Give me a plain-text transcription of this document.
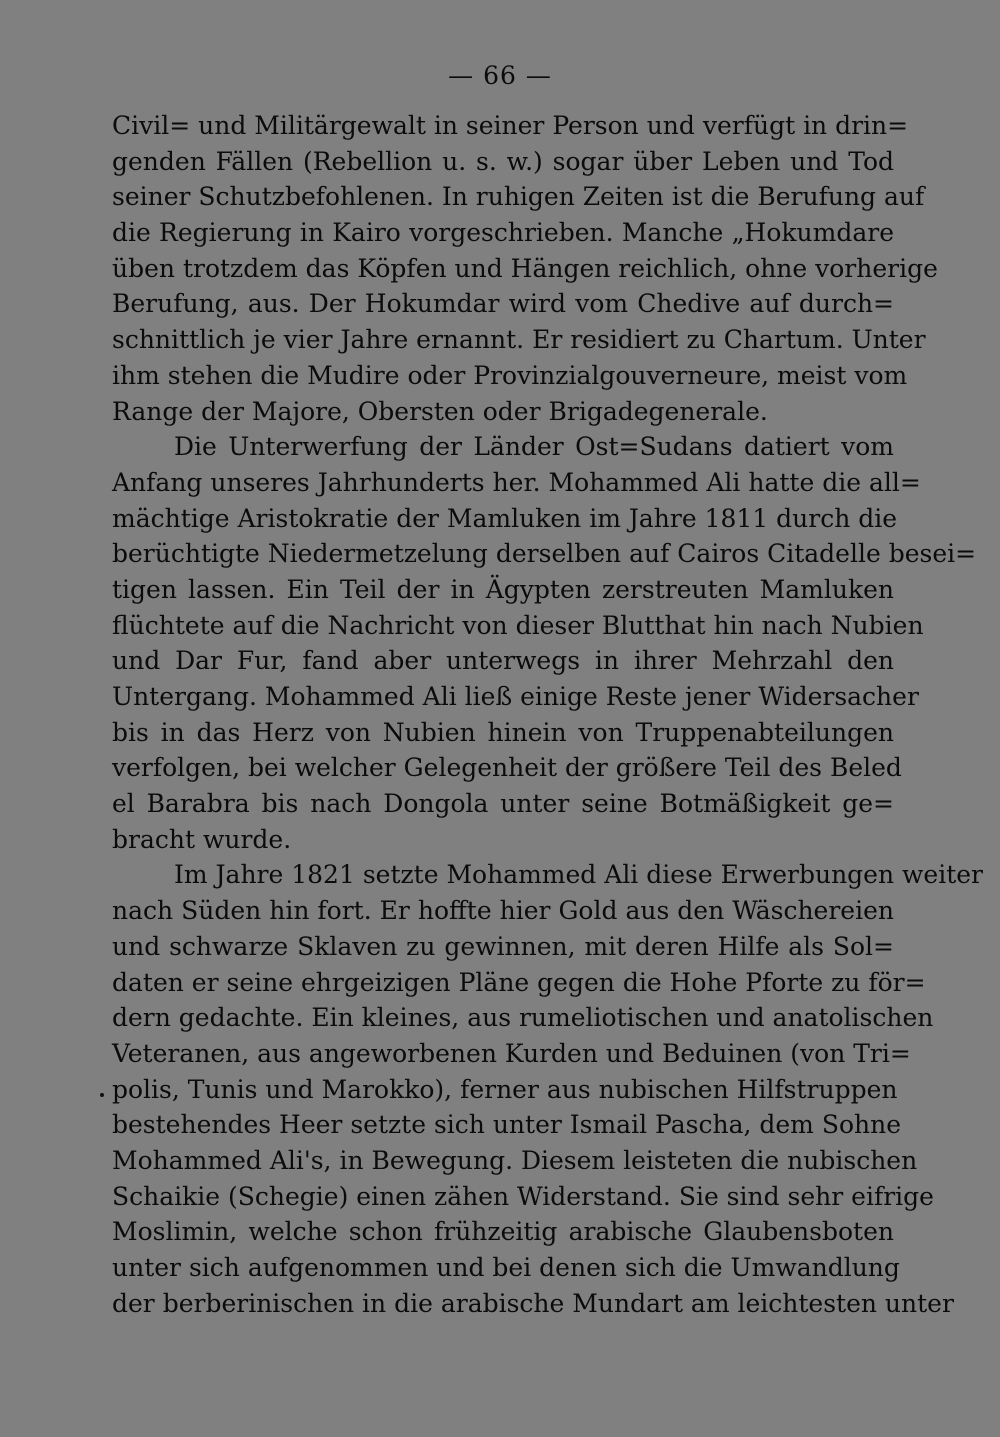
— 66 —
Civil= und Militärgewalt in seiner Person und verfügt in drin=
genden Fällen (Rebellion u. s. w.) sogar über Leben und Tod
seiner Schutzbefohlenen. In ruhigen Zeiten ist die Berufung auf
die Regierung in Kairo vorgeschrieben. Manche „Hokumdare
üben trotzdem das Köpfen und Hängen reichlich, ohne vorherige
Berufung, aus. Der Hokumdar wird vom Chedive auf durch=
schnittlich je vier Jahre ernannt. Er residiert zu Chartum. Unter
ihm stehen die Mudire oder Provinzialgouverneure, meist vom
Range der Majore, Obersten oder Brigadegenerale.
Die Unterwerfung der Länder Ost=Sudans datiert vom
Anfang unseres Jahrhunderts her. Mohammed Ali hatte die all=
mächtige Aristokratie der Mamluken im Jahre 1811 durch die
berüchtigte Niedermetzelung derselben auf Cairos Citadelle besei=
tigen lassen. Ein Teil der in Ägypten zerstreuten Mamluken
flüchtete auf die Nachricht von dieser Blutthat hin nach Nubien
und Dar Fur, fand aber unterwegs in ihrer Mehrzahl den
Untergang. Mohammed Ali ließ einige Reste jener Widersacher
bis in das Herz von Nubien hinein von Truppenabteilungen
verfolgen, bei welcher Gelegenheit der größere Teil des Beled
el Barabra bis nach Dongola unter seine Botmäßigkeit ge=
bracht wurde.
Im Jahre 1821 setzte Mohammed Ali diese Erwerbungen weiter
nach Süden hin fort. Er hoffte hier Gold aus den Wäschereien
und schwarze Sklaven zu gewinnen, mit deren Hilfe als Sol=
daten er seine ehrgeizigen Pläne gegen die Hohe Pforte zu för=
dern gedachte. Ein kleines, aus rumeliotischen und anatolischen
Veteranen, aus angeworbenen Kurden und Beduinen (von Tri=
polis, Tunis und Marokko), ferner aus nubischen Hilfstruppen
bestehendes Heer setzte sich unter Ismail Pascha, dem Sohne
Mohammed Ali's, in Bewegung. Diesem leisteten die nubischen
Schaikie (Schegie) einen zähen Widerstand. Sie sind sehr eifrige
Moslimin, welche schon frühzeitig arabische Glaubensboten
unter sich aufgenommen und bei denen sich die Umwandlung
der berberinischen in die arabische Mundart am leichtesten unter
